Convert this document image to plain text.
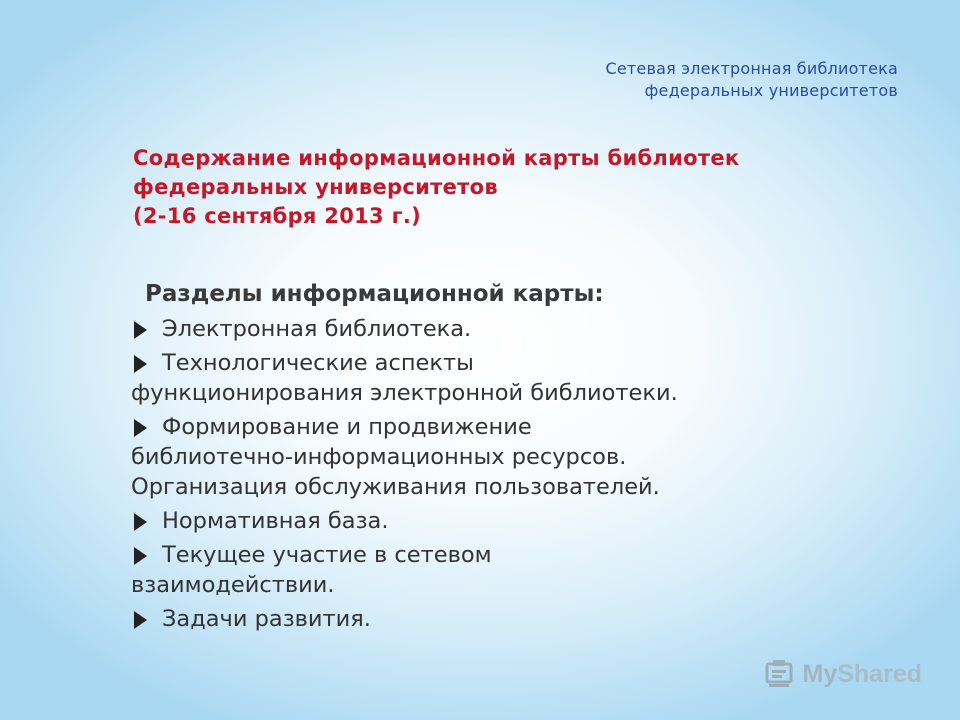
Сетевая электронная библиотека
федеральных университетов
Содержание информационной карты библиотек
федеральных университетов
(2-16 сентября 2013 г.)
Разделы информационной карты:
Электронная библиотека.
Технологические аспекты
функционирования электронной библиотеки.
Формирование и продвижение
библиотечно-информационных ресурсов.
Организация обслуживания пользователей.
Нормативная база.
Текущее участие в сетевом
взаимодействии.
Задачи развития.
My Shared
